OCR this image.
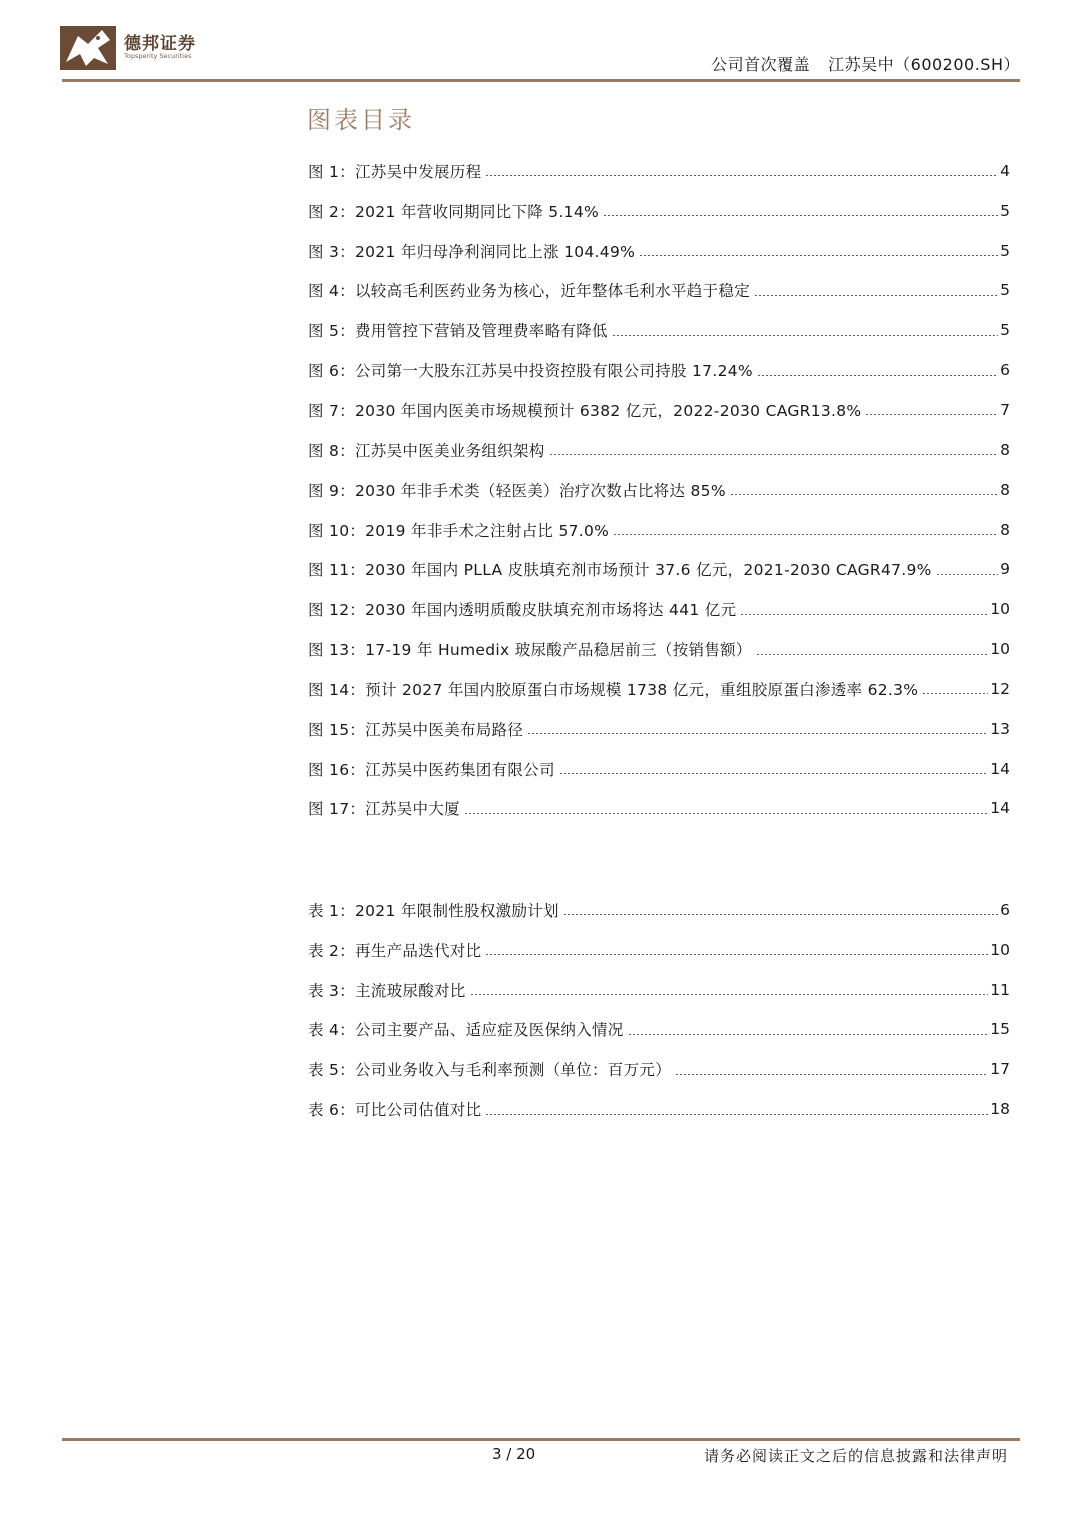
德邦证券
Topsperity Securities	公司首次覆盖 江苏吴中（600200.SH）
图表目录
图 1：江苏吴中发展历程	4
图 2：2021 年营收同期同比下降 5.14%	5
图 3：2021 年归母净利润同比上涨 104.49%	5
图 4：以较高毛利医药业务为核心，近年整体毛利水平趋于稳定	5
图 5：费用管控下营销及管理费率略有降低	5
图 6：公司第一大股东江苏吴中投资控股有限公司持股 17.24%	6
图 7：2030 年国内医美市场规模预计 6382 亿元，2022-2030 CAGR13.8%	7
图 8：江苏吴中医美业务组织架构	8
图 9：2030 年非手术类（轻医美）治疗次数占比将达 85%	8
图 10：2019 年非手术之注射占比 57.0%	8
图 11：2030 年国内 PLLA 皮肤填充剂市场预计 37.6 亿元，2021-2030 CAGR47.9%	9
图 12：2030 年国内透明质酸皮肤填充剂市场将达 441 亿元	10
图 13：17-19 年 Humedix 玻尿酸产品稳居前三（按销售额）	10
图 14：预计 2027 年国内胶原蛋白市场规模 1738 亿元，重组胶原蛋白渗透率 62.3%	12
图 15：江苏吴中医美布局路径	13
图 16：江苏吴中医药集团有限公司	14
图 17：江苏吴中大厦	14
表 1：2021 年限制性股权激励计划	6
表 2：再生产品迭代对比	10
表 3：主流玻尿酸对比	11
表 4：公司主要产品、适应症及医保纳入情况	15
表 5：公司业务收入与毛利率预测（单位：百万元）	17
表 6：可比公司估值对比	18
3 / 20	请务必阅读正文之后的信息披露和法律声明
